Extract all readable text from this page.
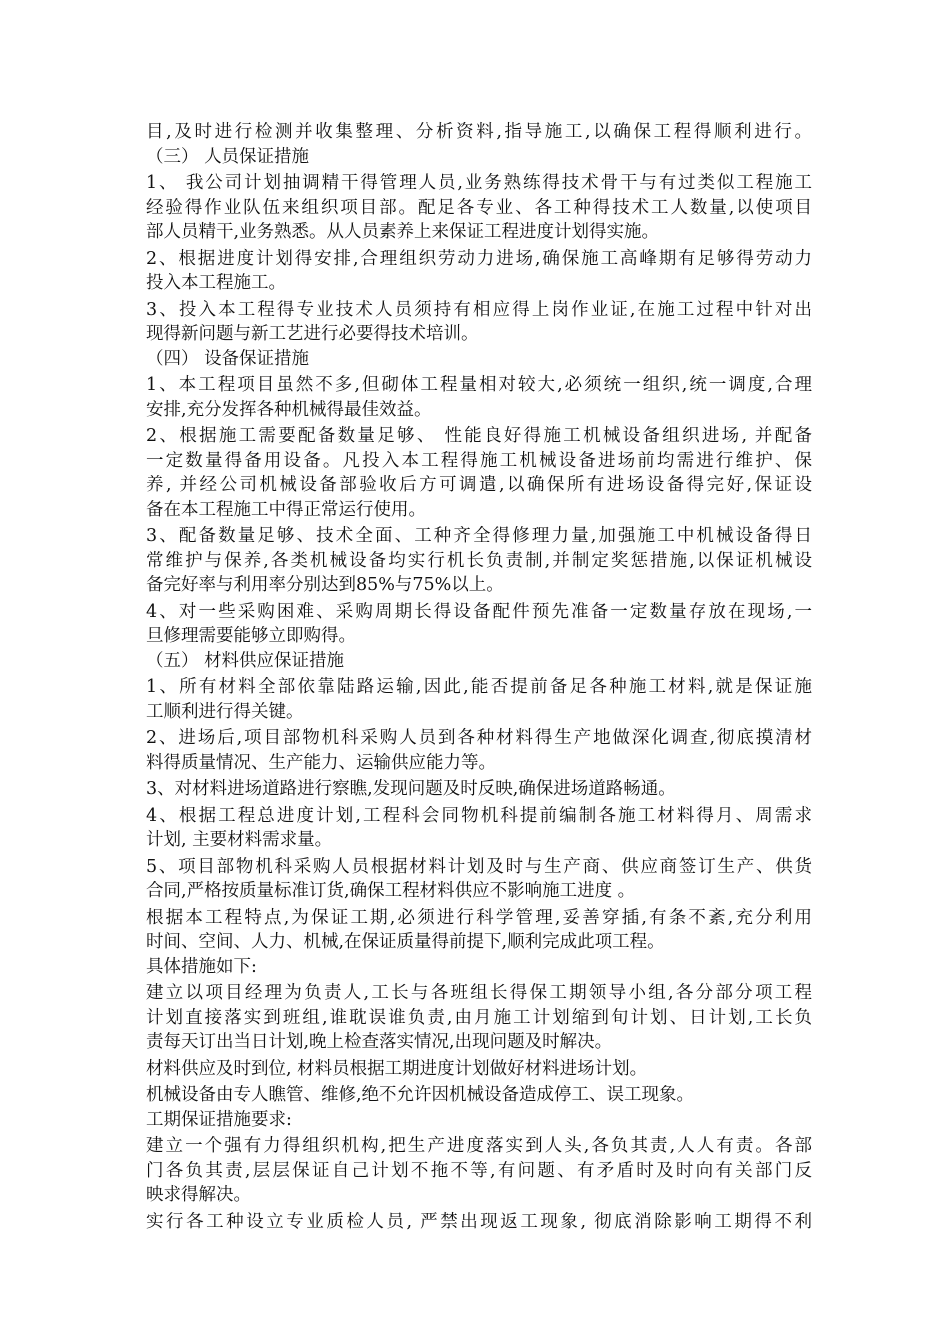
目,及时进行检测并收集整理、分析资料,指导施工,以确保工程得顺利进行。
（三） 人员保证措施
1、 我公司计划抽调精干得管理人员,业务熟练得技术骨干与有过类似工程施工
经验得作业队伍来组织项目部。配足各专业、各工种得技术工人数量,以使项目
部人员精干,业务熟悉。从人员素养上来保证工程进度计划得实施。
2、根据进度计划得安排,合理组织劳动力进场,确保施工高峰期有足够得劳动力
投入本工程施工。
3、投入本工程得专业技术人员须持有相应得上岗作业证,在施工过程中针对出
现得新问题与新工艺进行必要得技术培训。
（四） 设备保证措施
1、本工程项目虽然不多,但砌体工程量相对较大,必须统一组织,统一调度,合理
安排,充分发挥各种机械得最佳效益。
2、根据施工需要配备数量足够、 性能良好得施工机械设备组织进场, 并配备
一定数量得备用设备。凡投入本工程得施工机械设备进场前均需进行维护、保
养, 并经公司机械设备部验收后方可调遣,以确保所有进场设备得完好,保证设
备在本工程施工中得正常运行使用。
3、配备数量足够、技术全面、工种齐全得修理力量,加强施工中机械设备得日
常维护与保养,各类机械设备均实行机长负责制,并制定奖惩措施,以保证机械设
备完好率与利用率分别达到85%与75%以上。
4、对一些采购困难、采购周期长得设备配件预先准备一定数量存放在现场,一
旦修理需要能够立即购得。
（五） 材料供应保证措施
1、所有材料全部依靠陆路运输,因此,能否提前备足各种施工材料,就是保证施
工顺利进行得关键。
2、进场后,项目部物机科采购人员到各种材料得生产地做深化调查,彻底摸清材
料得质量情况、生产能力、运输供应能力等。
3、对材料进场道路进行察瞧,发现问题及时反映,确保进场道路畅通。
4、根据工程总进度计划,工程科会同物机科提前编制各施工材料得月、周需求
计划, 主要材料需求量。
5、项目部物机科采购人员根据材料计划及时与生产商、供应商签订生产、供货
合同,严格按质量标准订货,确保工程材料供应不影响施工进度 。
根据本工程特点,为保证工期,必须进行科学管理,妥善穿插,有条不紊,充分利用
时间、空间、人力、机械,在保证质量得前提下,顺利完成此项工程。
具体措施如下:
建立以项目经理为负责人,工长与各班组长得保工期领导小组,各分部分项工程
计划直接落实到班组,谁耽误谁负责,由月施工计划缩到旬计划、日计划,工长负
责每天订出当日计划,晚上检查落实情况,出现问题及时解决。
材料供应及时到位, 材料员根据工期进度计划做好材料进场计划。
机械设备由专人瞧管、维修,绝不允许因机械设备造成停工、误工现象。
工期保证措施要求:
建立一个强有力得组织机构,把生产进度落实到人头,各负其责,人人有责。各部
门各负其责,层层保证自己计划不拖不等,有问题、有矛盾时及时向有关部门反
映求得解决。
实行各工种设立专业质检人员, 严禁出现返工现象, 彻底消除影响工期得不利
